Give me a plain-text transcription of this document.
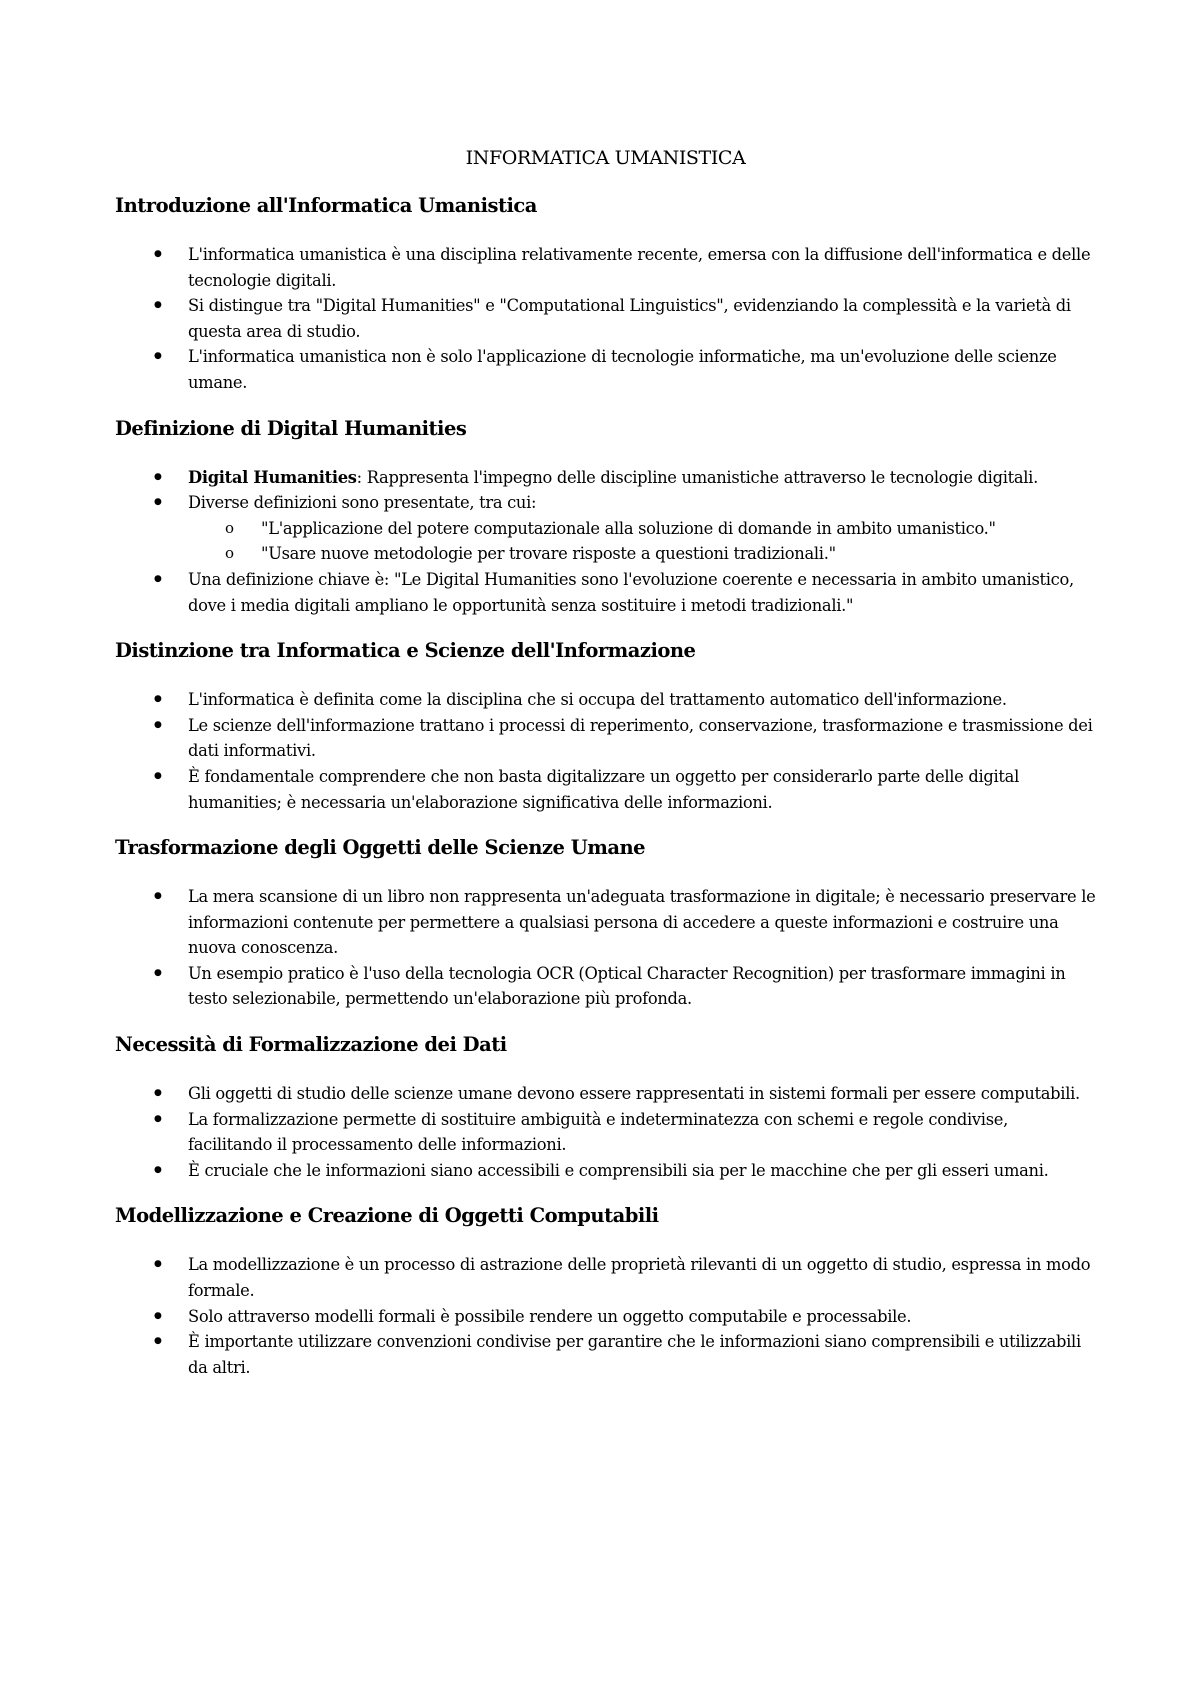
INFORMATICA UMANISTICA
Introduzione all'Informatica Umanistica
● L'informatica umanistica è una disciplina relativamente recente, emersa con la diffusione dell'informatica e delle tecnologie digitali.
● Si distingue tra "Digital Humanities" e "Computational Linguistics", evidenziando la complessità e la varietà di questa area di studio.
● L'informatica umanistica non è solo l'applicazione di tecnologie informatiche, ma un'evoluzione delle scienze umane.
Definizione di Digital Humanities
● Digital Humanities: Rappresenta l'impegno delle discipline umanistiche attraverso le tecnologie digitali.
● Diverse definizioni sono presentate, tra cui:
o "L'applicazione del potere computazionale alla soluzione di domande in ambito umanistico."
o "Usare nuove metodologie per trovare risposte a questioni tradizionali."
● Una definizione chiave è: "Le Digital Humanities sono l'evoluzione coerente e necessaria in ambito umanistico, dove i media digitali ampliano le opportunità senza sostituire i metodi tradizionali."
Distinzione tra Informatica e Scienze dell'Informazione
● L'informatica è definita come la disciplina che si occupa del trattamento automatico dell'informazione.
● Le scienze dell'informazione trattano i processi di reperimento, conservazione, trasformazione e trasmissione dei dati informativi.
● È fondamentale comprendere che non basta digitalizzare un oggetto per considerarlo parte delle digital humanities; è necessaria un'elaborazione significativa delle informazioni.
Trasformazione degli Oggetti delle Scienze Umane
● La mera scansione di un libro non rappresenta un'adeguata trasformazione in digitale; è necessario preservare le informazioni contenute per permettere a qualsiasi persona di accedere a queste informazioni e costruire una nuova conoscenza.
● Un esempio pratico è l'uso della tecnologia OCR (Optical Character Recognition) per trasformare immagini in testo selezionabile, permettendo un'elaborazione più profonda.
Necessità di Formalizzazione dei Dati
● Gli oggetti di studio delle scienze umane devono essere rappresentati in sistemi formali per essere computabili.
● La formalizzazione permette di sostituire ambiguità e indeterminatezza con schemi e regole condivise, facilitando il processamento delle informazioni.
● È cruciale che le informazioni siano accessibili e comprensibili sia per le macchine che per gli esseri umani.
Modellizzazione e Creazione di Oggetti Computabili
● La modellizzazione è un processo di astrazione delle proprietà rilevanti di un oggetto di studio, espressa in modo formale.
● Solo attraverso modelli formali è possibile rendere un oggetto computabile e processabile.
● È importante utilizzare convenzioni condivise per garantire che le informazioni siano comprensibili e utilizzabili da altri.
